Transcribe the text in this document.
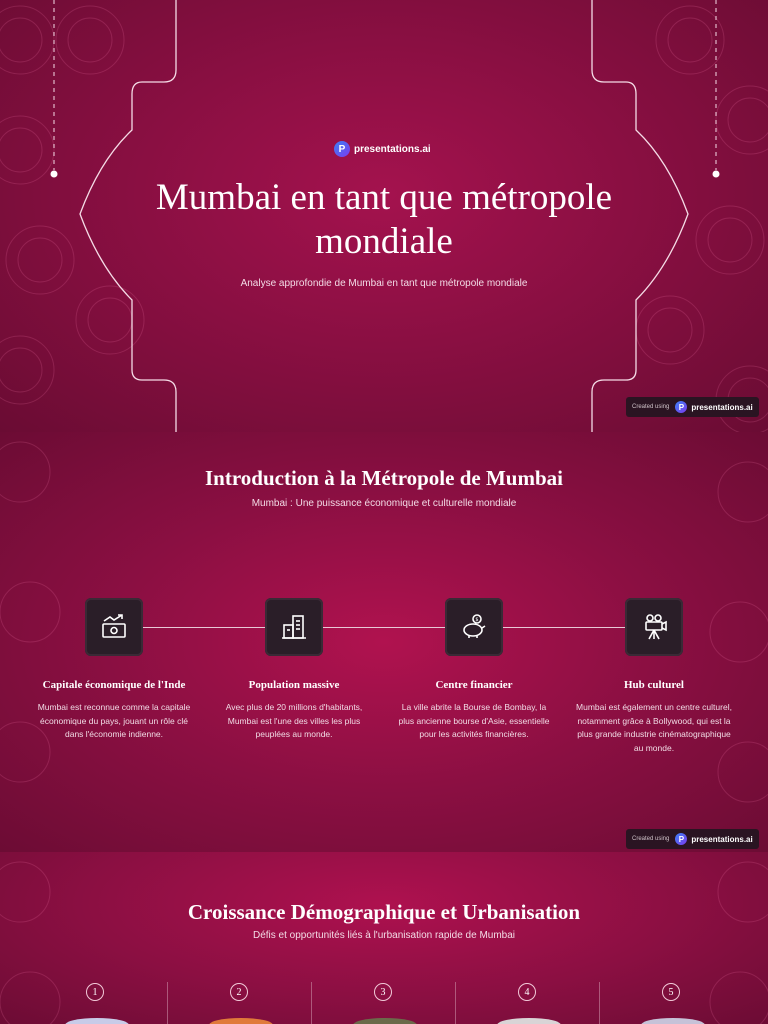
P presentations.ai
Mumbai en tant que métropole mondiale

Analyse approfondie de Mumbai en tant que métropole mondiale

Created using	P presentations.ai
Introduction à la Métropole de Mumbai

Mumbai : Une puissance économique et culturelle mondiale

Capitale économique de l'Inde
Mumbai est reconnue comme la capitale économique du pays, jouant un rôle clé dans l'économie indienne.
Population massive
Avec plus de 20 millions d'habitants, Mumbai est l'une des villes les plus peuplées au monde.
$
Centre financier
La ville abrite la Bourse de Bombay, la plus ancienne bourse d'Asie, essentielle pour les activités financières.
Hub culturel
Mumbai est également un centre culturel, notamment grâce à Bollywood, qui est la plus grande industrie cinématographique au monde.
Created using	P presentations.ai
Croissance Démographique et Urbanisation

Défis et opportunités liés à l'urbanisation rapide de Mumbai

1	2	3	4	5
